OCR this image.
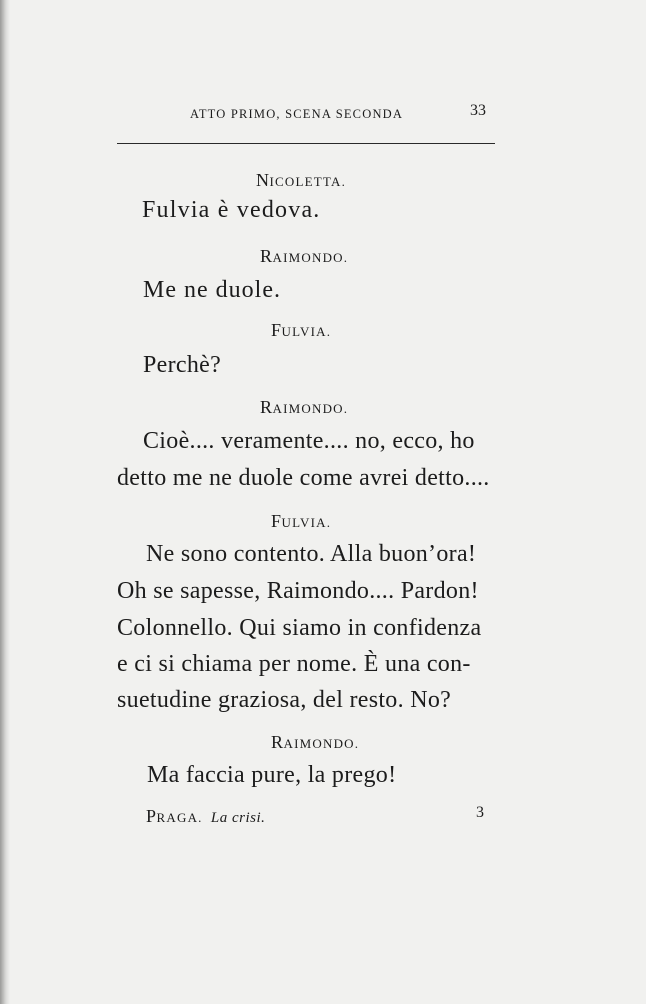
ATTO PRIMO, SCENA SECONDA	33
NICOLETTA.
Fulvia è vedova.
RAIMONDO.
Me ne duole.
FULVIA.
Perchè?
RAIMONDO.
Cioè.... veramente.... no, ecco, ho
detto me ne duole come avrei detto....
FULVIA.
Ne sono contento. Alla buon’ora!
Oh se sapesse, Raimondo.... Pardon!
Colonnello. Qui siamo in confidenza
e ci si chiama per nome. È una con-
suetudine graziosa, del resto. No?
RAIMONDO.
Ma faccia pure, la prego!
PRAGA. La crisi.	3
